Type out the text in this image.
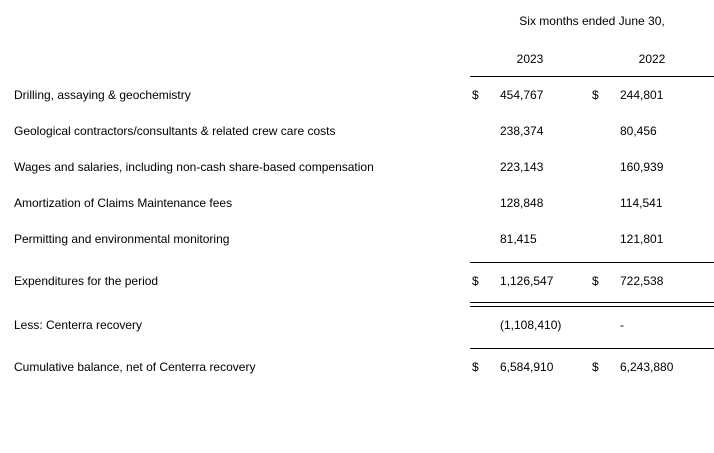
	Six months ended June 30,			
	2023		2022	

Drilling, assaying & geochemistry	$	454,767	$	244,801
Geological contractors/consultants & related crew care costs		238,374		80,456
Wages and salaries, including non-cash share-based compensation		223,143		160,939
Amortization of Claims Maintenance fees		128,848		114,541
Permitting and environmental monitoring		81,415		121,801

Expenditures for the period	$	1,126,547	$	722,538

Less: Centerra recovery		(1,108,410)		-

Cumulative balance, net of Centerra recovery	$	6,584,910	$	6,243,880
